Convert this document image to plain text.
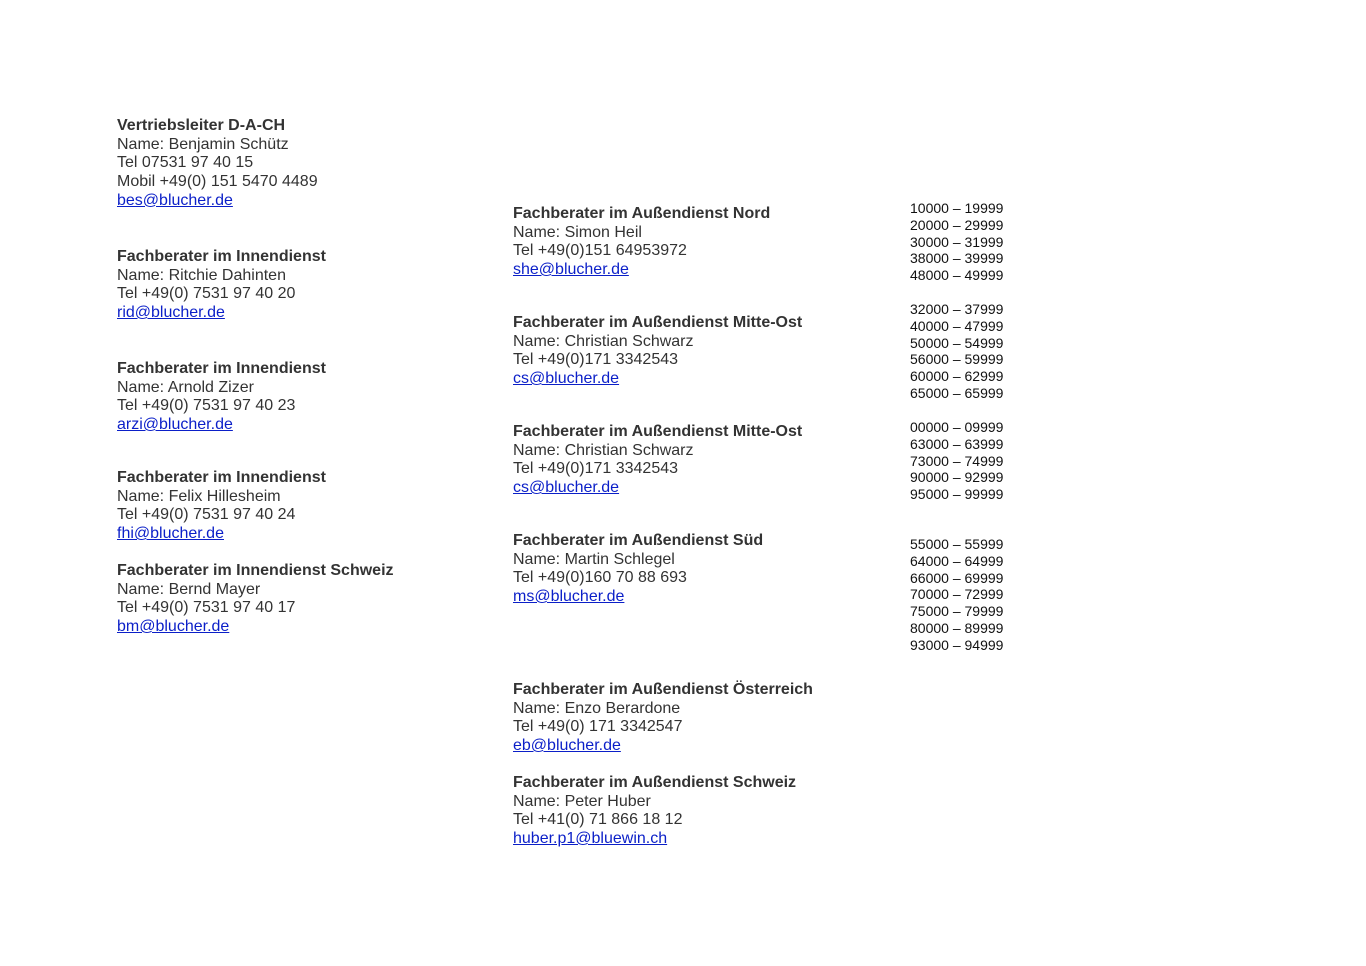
Vertriebsleiter D-A-CH
Name: Benjamin Schütz
Tel 07531 97 40 15
Mobil +49(0) 151 5470 4489
bes@blucher.de
Fachberater im Innendienst
Name: Ritchie Dahinten
Tel +49(0) 7531 97 40 20
rid@blucher.de
Fachberater im Innendienst
Name: Arnold Zizer
Tel +49(0) 7531 97 40 23
arzi@blucher.de
Fachberater im Innendienst
Name: Felix Hillesheim
Tel +49(0) 7531 97 40 24
fhi@blucher.de
Fachberater im Innendienst Schweiz
Name: Bernd Mayer
Tel +49(0) 7531 97 40 17
bm@blucher.de
Fachberater im Außendienst Nord
Name: Simon Heil
Tel +49(0)151 64953972
she@blucher.de
Fachberater im Außendienst Mitte-Ost
Name: Christian Schwarz
Tel +49(0)171 3342543
cs@blucher.de
Fachberater im Außendienst Mitte-Ost
Name: Christian Schwarz
Tel +49(0)171 3342543
cs@blucher.de
Fachberater im Außendienst Süd
Name: Martin Schlegel
Tel +49(0)160 70 88 693
ms@blucher.de
Fachberater im Außendienst Österreich
Name: Enzo Berardone
Tel +49(0) 171 3342547
eb@blucher.de
Fachberater im Außendienst Schweiz
Name: Peter Huber
Tel +41(0) 71 866 18 12
huber.p1@bluewin.ch
10000 – 19999
20000 – 29999
30000 – 31999
38000 – 39999
48000 – 49999
32000 – 37999
40000 – 47999
50000 – 54999
56000 – 59999
60000 – 62999
65000 – 65999
00000 – 09999
63000 – 63999
73000 – 74999
90000 – 92999
95000 – 99999
55000 – 55999
64000 – 64999
66000 – 69999
70000 – 72999
75000 – 79999
80000 – 89999
93000 – 94999
